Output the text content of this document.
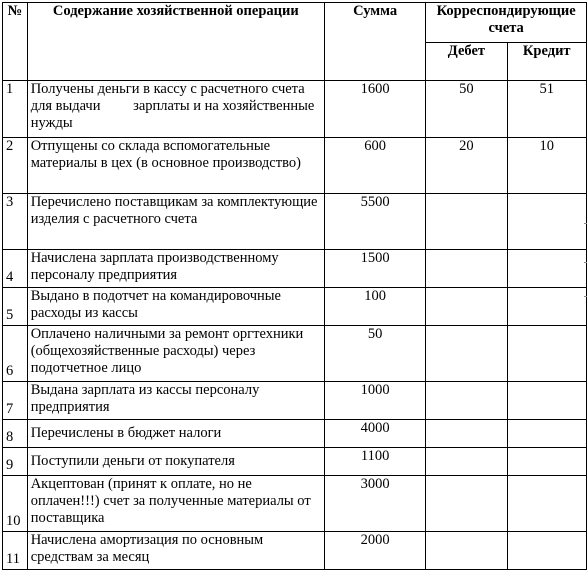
№	Содержание хозяйственной операции	Сумма	Корреспондирующие счета	
			Дебет	Кредит
1	Получены деньги в кассу с расчетного счета для выдачи         зарплаты и на хозяйственные нужды	1600	50	51
2	Отпущены со склада вспомогательные материалы в цех (в основное производство)	600	20	10
3	Перечислено поставщикам за комплектующие изделия с расчетного счета	5500		
4	Начислена зарплата производственному персоналу предприятия	1500		
5	Выдано в подотчет на командировочные расходы из кассы	100		
6	Оплачено наличными за ремонт оргтехники (общехозяйственные расходы) через подотчетное лицо	50		
7	Выдана зарплата из кассы персоналу предприятия	1000		
8	Перечислены в бюджет налоги	4000		
9	Поступили деньги от покупателя	1100		
10	Акцептован (принят к оплате, но не оплачен!!!) счет за полученные материалы от поставщика	3000		
11	Начислена амортизация по основным средствам за месяц	2000		
